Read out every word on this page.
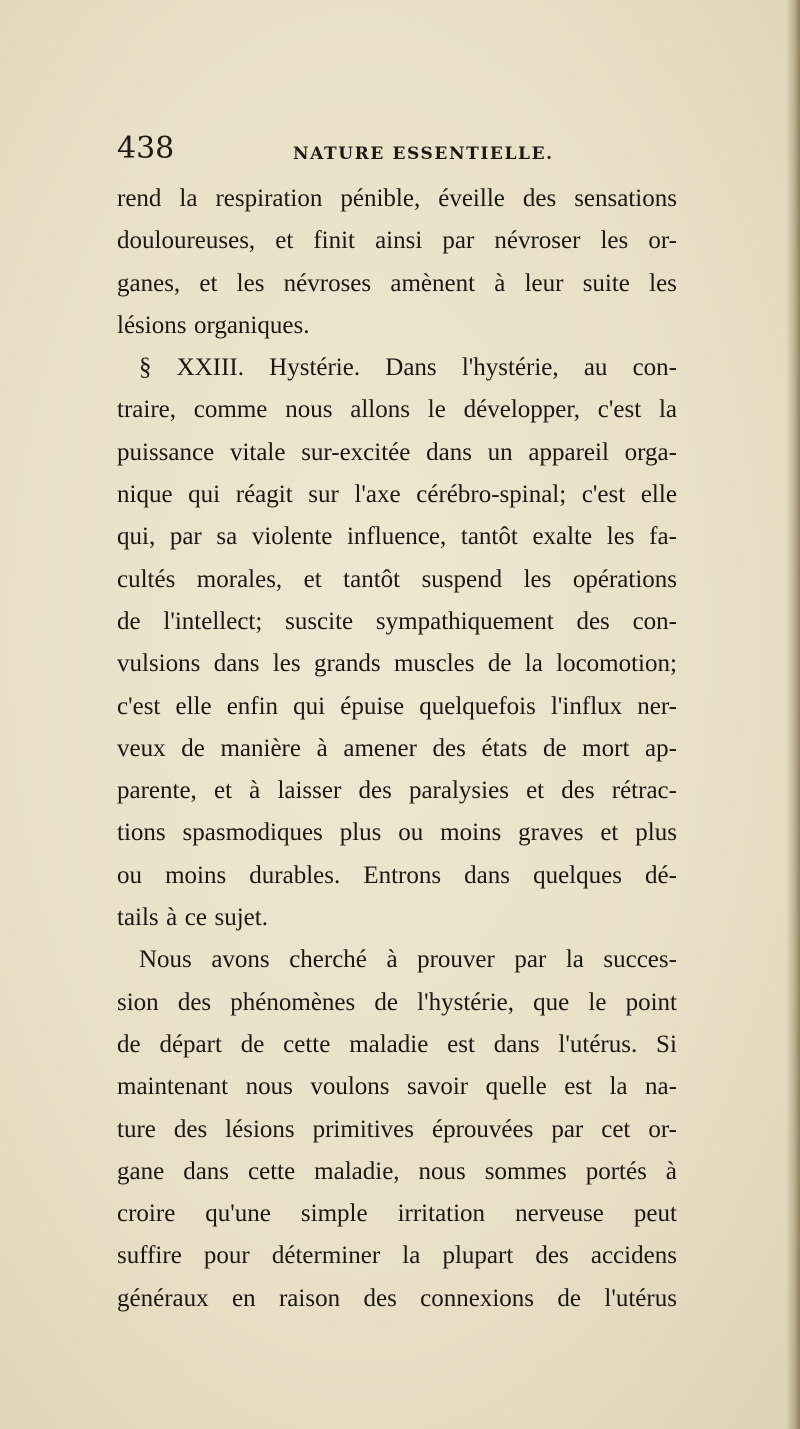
438	NATURE ESSENTIELLE.
rend la respiration pénible, éveille des sensations
douloureuses, et finit ainsi par névroser les or-
ganes, et les névroses amènent à leur suite les
lésions organiques.
§ XXIII. Hystérie. Dans l'hystérie, au con-
traire, comme nous allons le développer, c'est la
puissance vitale sur-excitée dans un appareil orga-
nique qui réagit sur l'axe cérébro-spinal; c'est elle
qui, par sa violente influence, tantôt exalte les fa-
cultés morales, et tantôt suspend les opérations
de l'intellect; suscite sympathiquement des con-
vulsions dans les grands muscles de la locomotion;
c'est elle enfin qui épuise quelquefois l'influx ner-
veux de manière à amener des états de mort ap-
parente, et à laisser des paralysies et des rétrac-
tions spasmodiques plus ou moins graves et plus
ou moins durables. Entrons dans quelques dé-
tails à ce sujet.
Nous avons cherché à prouver par la succes-
sion des phénomènes de l'hystérie, que le point
de départ de cette maladie est dans l'utérus. Si
maintenant nous voulons savoir quelle est la na-
ture des lésions primitives éprouvées par cet or-
gane dans cette maladie, nous sommes portés à
croire qu'une simple irritation nerveuse peut
suffire pour déterminer la plupart des accidens
généraux en raison des connexions de l'utérus
